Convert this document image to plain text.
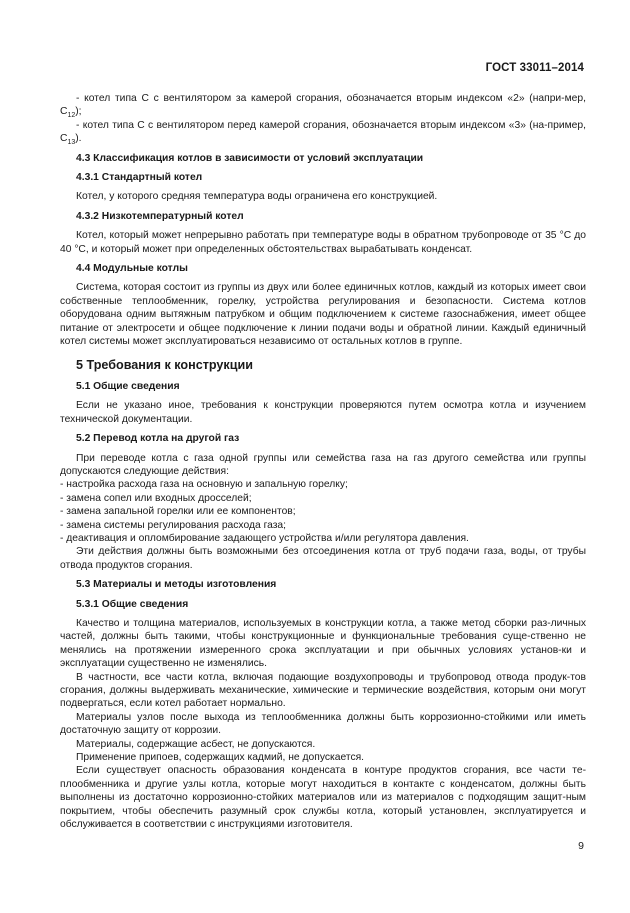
ГОСТ 33011–2014

- котел типа С с вентилятором за камерой сгорания, обозначается вторым индексом «2» (напри-мер, $С_{12}$);

- котел типа С с вентилятором перед камерой сгорания, обозначается вторым индексом «3» (на-пример, $С_{13}$).

4.3 Классификация котлов в зависимости от условий эксплуатации
4.3.1 Стандартный котел

Котел, у которого средняя температура воды ограничена его конструкцией.

4.3.2 Низкотемпературный котел

Котел, который может непрерывно работать при температуре воды в обратном трубопроводе от 35 °С до 40 °С, и который может при определенных обстоятельствах вырабатывать конденсат.

4.4 Модульные котлы

Система, которая состоит из группы из двух или более единичных котлов, каждый из которых имеет свои собственные теплообменник, горелку, устройства регулирования и безопасности. Система котлов оборудована одним вытяжным патрубком и общим подключением к системе газоснабжения, имеет общее питание от электросети и общее подключение к линии подачи воды и обратной линии. Каждый единичный котел системы может эксплуатироваться независимо от остальных котлов в группе.

5 Требования к конструкции
5.1 Общие сведения

Если не указано иное, требования к конструкции проверяются путем осмотра котла и изучением технической документации.

5.2 Перевод котла на другой газ

При переводе котла с газа одной группы или семейства газа на газ другого семейства или группы допускаются следующие действия:

- настройка расхода газа на основную и запальную горелку;

- замена сопел или входных дросселей;

- замена запальной горелки или ее компонентов;

- замена системы регулирования расхода газа;

- деактивация и опломбирование задающего устройства и/или регулятора давления.

Эти действия должны быть возможными без отсоединения котла от труб подачи газа, воды, от трубы отвода продуктов сгорания.

5.3 Материалы и методы изготовления
5.3.1 Общие сведения

Качество и толщина материалов, используемых в конструкции котла, а также метод сборки раз-личных частей, должны быть такими, чтобы конструкционные и функциональные требования суще-ственно не менялись на протяжении измеренного срока эксплуатации и при обычных условиях установ-ки и эксплуатации существенно не изменялись.

В частности, все части котла, включая подающие воздухопроводы и трубопровод отвода продук-тов сгорания, должны выдерживать механические, химические и термические воздействия, которым они могут подвергаться, если котел работает нормально.

Материалы узлов после выхода из теплообменника должны быть коррозионно-стойкими или иметь достаточную защиту от коррозии.

Материалы, содержащие асбест, не допускаются.

Применение припоев, содержащих кадмий, не допускается.

Если существует опасность образования конденсата в контуре продуктов сгорания, все части те-плообменника и другие узлы котла, которые могут находиться в контакте с конденсатом, должны быть выполнены из достаточно коррозионно-стойких материалов или из материалов с подходящим защит-ным покрытием, чтобы обеспечить разумный срок службы котла, который установлен, эксплуатируется и обслуживается в соответствии с инструкциями изготовителя.

9
